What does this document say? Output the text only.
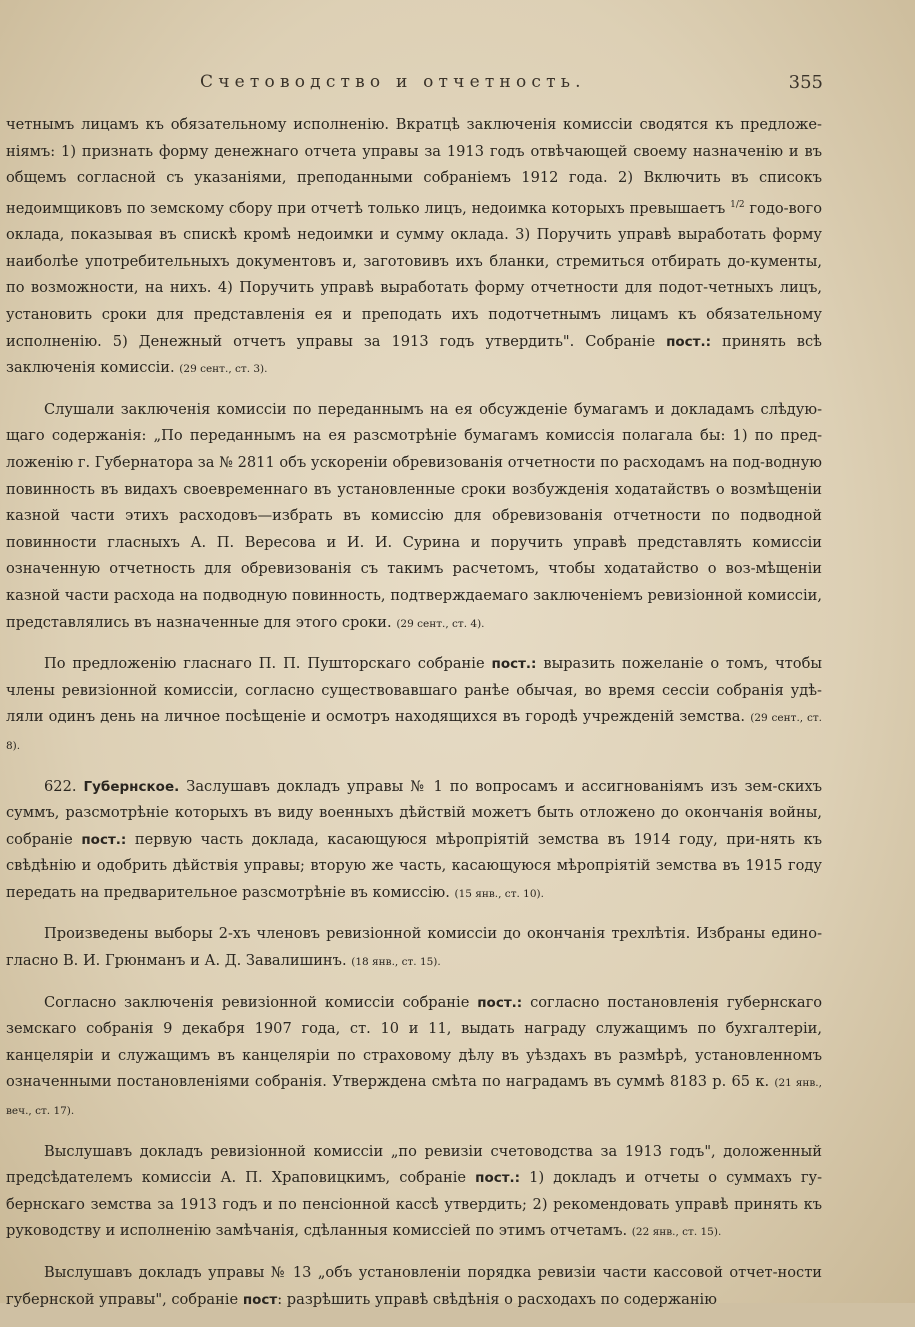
Счетоводство и отчетность.	355

четнымъ лицамъ къ обязательному исполненію. Вкратцѣ заключенія комиссіи сводятся къ предложе-ніямъ: 1) признать форму денежнаго отчета управы за 1913 годъ отвѣчающей своему назначенію и въ общемъ согласной съ указаніями, преподанными собраніемъ 1912 года. 2) Включить въ списокъ недоимщиковъ по земскому сбору при отчетѣ только лицъ, недоимка которыхъ превышаетъ $^{1/2}$ годо-вого оклада, показывая въ спискѣ кромѣ недоимки и сумму оклада. 3) Поручить управѣ выработать форму наиболѣе употребительныхъ документовъ и, заготовивъ ихъ бланки, стремиться отбирать до-кументы, по возможности, на нихъ. 4) Поручить управѣ выработать форму отчетности для подот-четныхъ лицъ, установить сроки для представленія ея и преподать ихъ подотчетнымъ лицамъ къ обязательному исполненію. 5) Денежный отчетъ управы за 1913 годъ утвердить". Собраніе пост.: принять всѣ заключенія комиссіи. (29 сент., ст. 3).

Слушали заключенія комиссіи по переданнымъ на ея обсужденіе бумагамъ и докладамъ слѣдую-щаго содержанія: „По переданнымъ на ея разсмотрѣніе бумагамъ комиссія полагала бы: 1) по пред-ложенію г. Губернатора за № 2811 объ ускореніи обревизованія отчетности по расходамъ на под-водную повинность въ видахъ своевременнаго въ установленные сроки возбужденія ходатайствъ о возмѣщеніи казной части этихъ расходовъ—избрать въ комиссію для обревизованія отчетности по подводной повинности гласныхъ А. П. Вересова и И. И. Сурина и поручить управѣ представлять комиссіи означенную отчетность для обревизованія съ такимъ расчетомъ, чтобы ходатайство о воз-мѣщеніи казной части расхода на подводную повинность, подтверждаемаго заключеніемъ ревизіонной комиссіи, представлялись въ назначенные для этого сроки. (29 сент., ст. 4).

По предложенію гласнаго П. П. Пушторскаго собраніе пост.: выразить пожеланіе о томъ, чтобы члены ревизіонной комиссіи, согласно существовавшаго ранѣе обычая, во время сессіи собранія удѣ-ляли одинъ день на личное посѣщеніе и осмотръ находящихся въ городѣ учрежденій земства. (29 сент., ст. 8).

622. Губернское. Заслушавъ докладъ управы № 1 по вопросамъ и ассигнованіямъ изъ зем-скихъ суммъ, разсмотрѣніе которыхъ въ виду военныхъ дѣйствій можетъ быть отложено до окончанія войны, собраніе пост.: первую часть доклада, касающуюся мѣропріятій земства въ 1914 году, при-нять къ свѣдѣнію и одобрить дѣйствія управы; вторую же часть, касающуюся мѣропріятій земства въ 1915 году передать на предварительное разсмотрѣніе въ комиссію. (15 янв., ст. 10).

Произведены выборы 2-хъ членовъ ревизіонной комиссіи до окончанія трехлѣтія. Избраны едино-гласно В. И. Грюнманъ и А. Д. Завалишинъ. (18 янв., ст. 15).

Согласно заключенія ревизіонной комиссіи собраніе пост.: согласно постановленія губернскаго земскаго собранія 9 декабря 1907 года, ст. 10 и 11, выдать награду служащимъ по бухгалтеріи, канцеляріи и служащимъ въ канцеляріи по страховому дѣлу въ уѣздахъ въ размѣрѣ, установленномъ означенными постановленіями собранія. Утверждена смѣта по наградамъ въ суммѣ 8183 р. 65 к. (21 янв., веч., ст. 17).

Выслушавъ докладъ ревизіонной комиссіи „по ревизіи счетоводства за 1913 годъ", доложенный предсѣдателемъ комиссіи А. П. Храповицкимъ, собраніе пост.: 1) докладъ и отчеты о суммахъ гу-бернскаго земства за 1913 годъ и по пенсіонной кассѣ утвердить; 2) рекомендовать управѣ принять къ руководству и исполненію замѣчанія, сдѣланныя комиссіей по этимъ отчетамъ. (22 янв., ст. 15).

Выслушавъ докладъ управы № 13 „объ установленіи порядка ревизіи части кассовой отчет-ности губернской управы", собраніе пост: разрѣшить управѣ свѣдѣнія о расходахъ по содержанію
